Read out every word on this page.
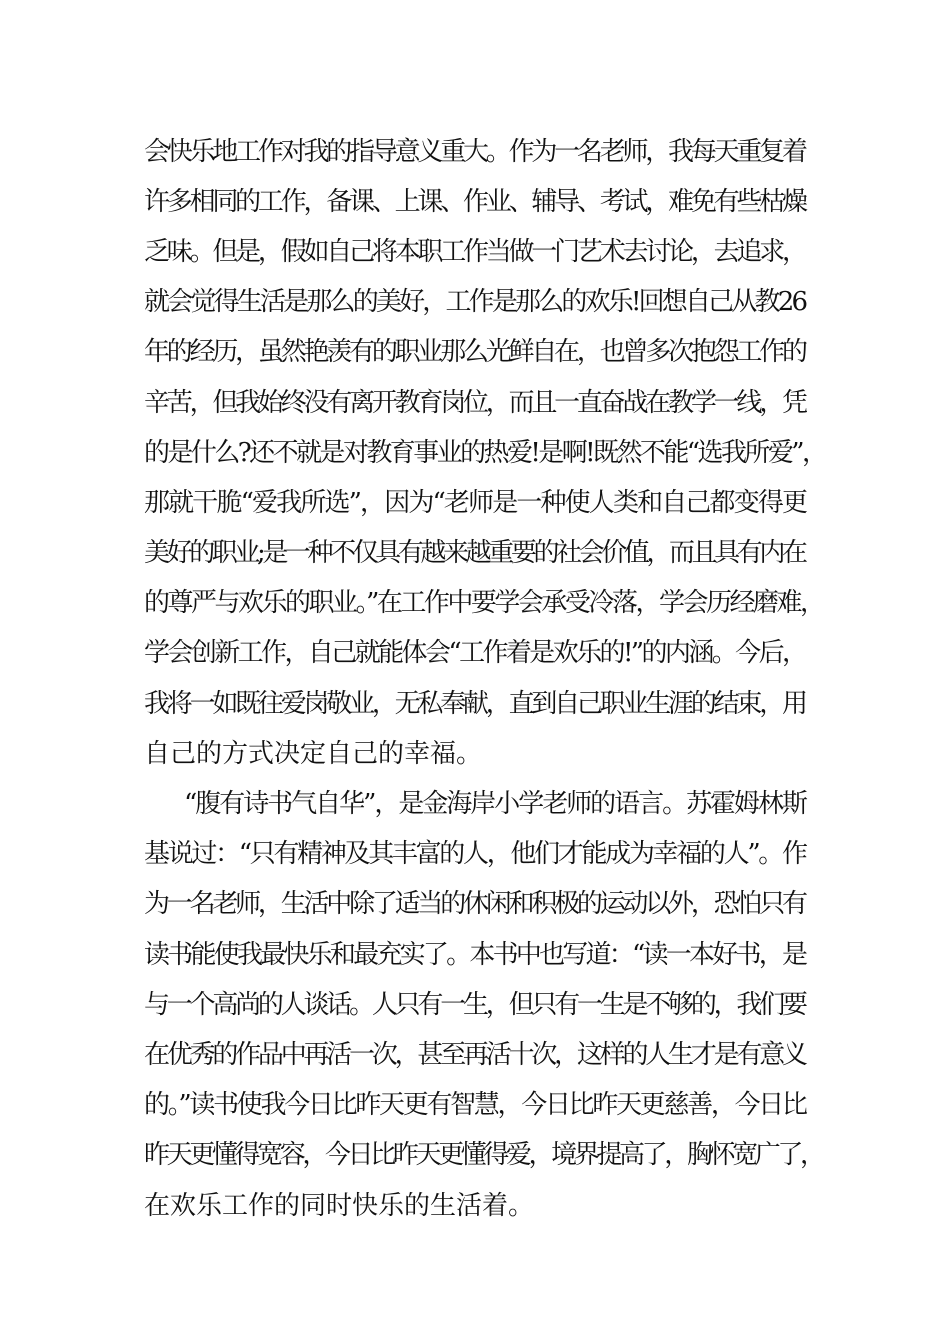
会快乐地工作对我的指导意义重大。作为一名老师，我每天重复着
许多相同的工作，备课、上课、作业、辅导、考试，难免有些枯燥
乏味。但是，假如自己将本职工作当做一门艺术去讨论，去追求，
就会觉得生活是那么的美好，工作是那么的欢乐!回想自己从教26
年的经历，虽然艳羡有的职业那么光鲜自在，也曾多次抱怨工作的
辛苦，但我始终没有离开教育岗位，而且一直奋战在教学一线，凭
的是什么?还不就是对教育事业的热爱!是啊!既然不能“选我所爱”，
那就干脆“爱我所选”，因为“老师是一种使人类和自己都变得更
美好的职业;是一种不仅具有越来越重要的社会价值，而且具有内在
的尊严与欢乐的职业。”在工作中要学会承受冷落，学会历经磨难，
学会创新工作，自己就能体会“工作着是欢乐的!”的内涵。今后，
我将一如既往爱岗敬业，无私奉献，直到自己职业生涯的结束，用
自己的方式决定自己的幸福。
“腹有诗书气自华”，是金海岸小学老师的语言。苏霍姆林斯
基说过：“只有精神及其丰富的人，他们才能成为幸福的人”。作
为一名老师，生活中除了适当的休闲和积极的运动以外，恐怕只有
读书能使我最快乐和最充实了。本书中也写道：“读一本好书，是
与一个高尚的人谈话。人只有一生，但只有一生是不够的，我们要
在优秀的作品中再活一次，甚至再活十次，这样的人生才是有意义
的。”读书使我今日比昨天更有智慧，今日比昨天更慈善，今日比
昨天更懂得宽容，今日比昨天更懂得爱，境界提高了，胸怀宽广了，
在欢乐工作的同时快乐的生活着。
